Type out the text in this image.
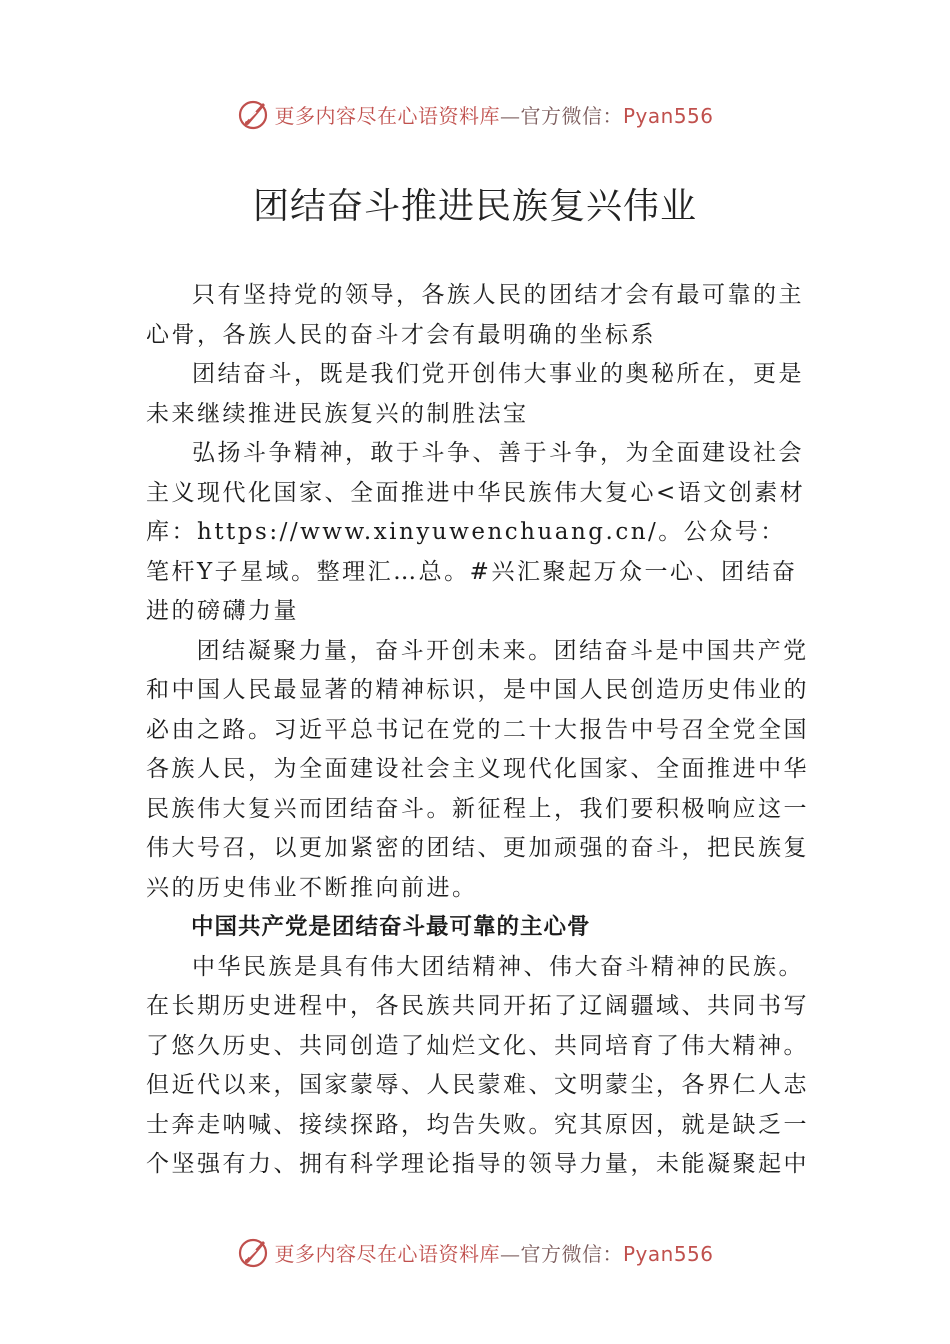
更多内容尽在心语资料库—官方微信：Pyan556
团结奋斗推进民族复兴伟业

只有坚持党的领导，各族人民的团结才会有最可靠的主心骨，各族人民的奋斗才会有最明确的坐标系

团结奋斗，既是我们党开创伟大事业的奥秘所在，更是未来继续推进民族复兴的制胜法宝

弘扬斗争精神，敢于斗争、善于斗争，为全面建设社会主义现代化国家、全面推进中华民族伟大复心<语文创素材库：https://www.xinyuwenchuang.cn/。公众号：笔杆Y子星域。整理汇…总。#兴汇聚起万众一心、团结奋进的磅礴力量

团结凝聚力量，奋斗开创未来。团结奋斗是中国共产党和中国人民最显著的精神标识，是中国人民创造历史伟业的必由之路。习近平总书记在党的二十大报告中号召全党全国各族人民，为全面建设社会主义现代化国家、全面推进中华民族伟大复兴而团结奋斗。新征程上，我们要积极响应这一伟大号召，以更加紧密的团结、更加顽强的奋斗，把民族复兴的历史伟业不断推向前进。

中国共产党是团结奋斗最可靠的主心骨

中华民族是具有伟大团结精神、伟大奋斗精神的民族。在长期历史进程中，各民族共同开拓了辽阔疆域、共同书写了悠久历史、共同创造了灿烂文化、共同培育了伟大精神。 但近代以来，国家蒙辱、人民蒙难、文明蒙尘，各界仁人志士奔走呐喊、接续探路，均告失败。究其原因，就是缺乏一个坚强有力、拥有科学理论指导的领导力量，未能凝聚起中

更多内容尽在心语资料库—官方微信：Pyan556
